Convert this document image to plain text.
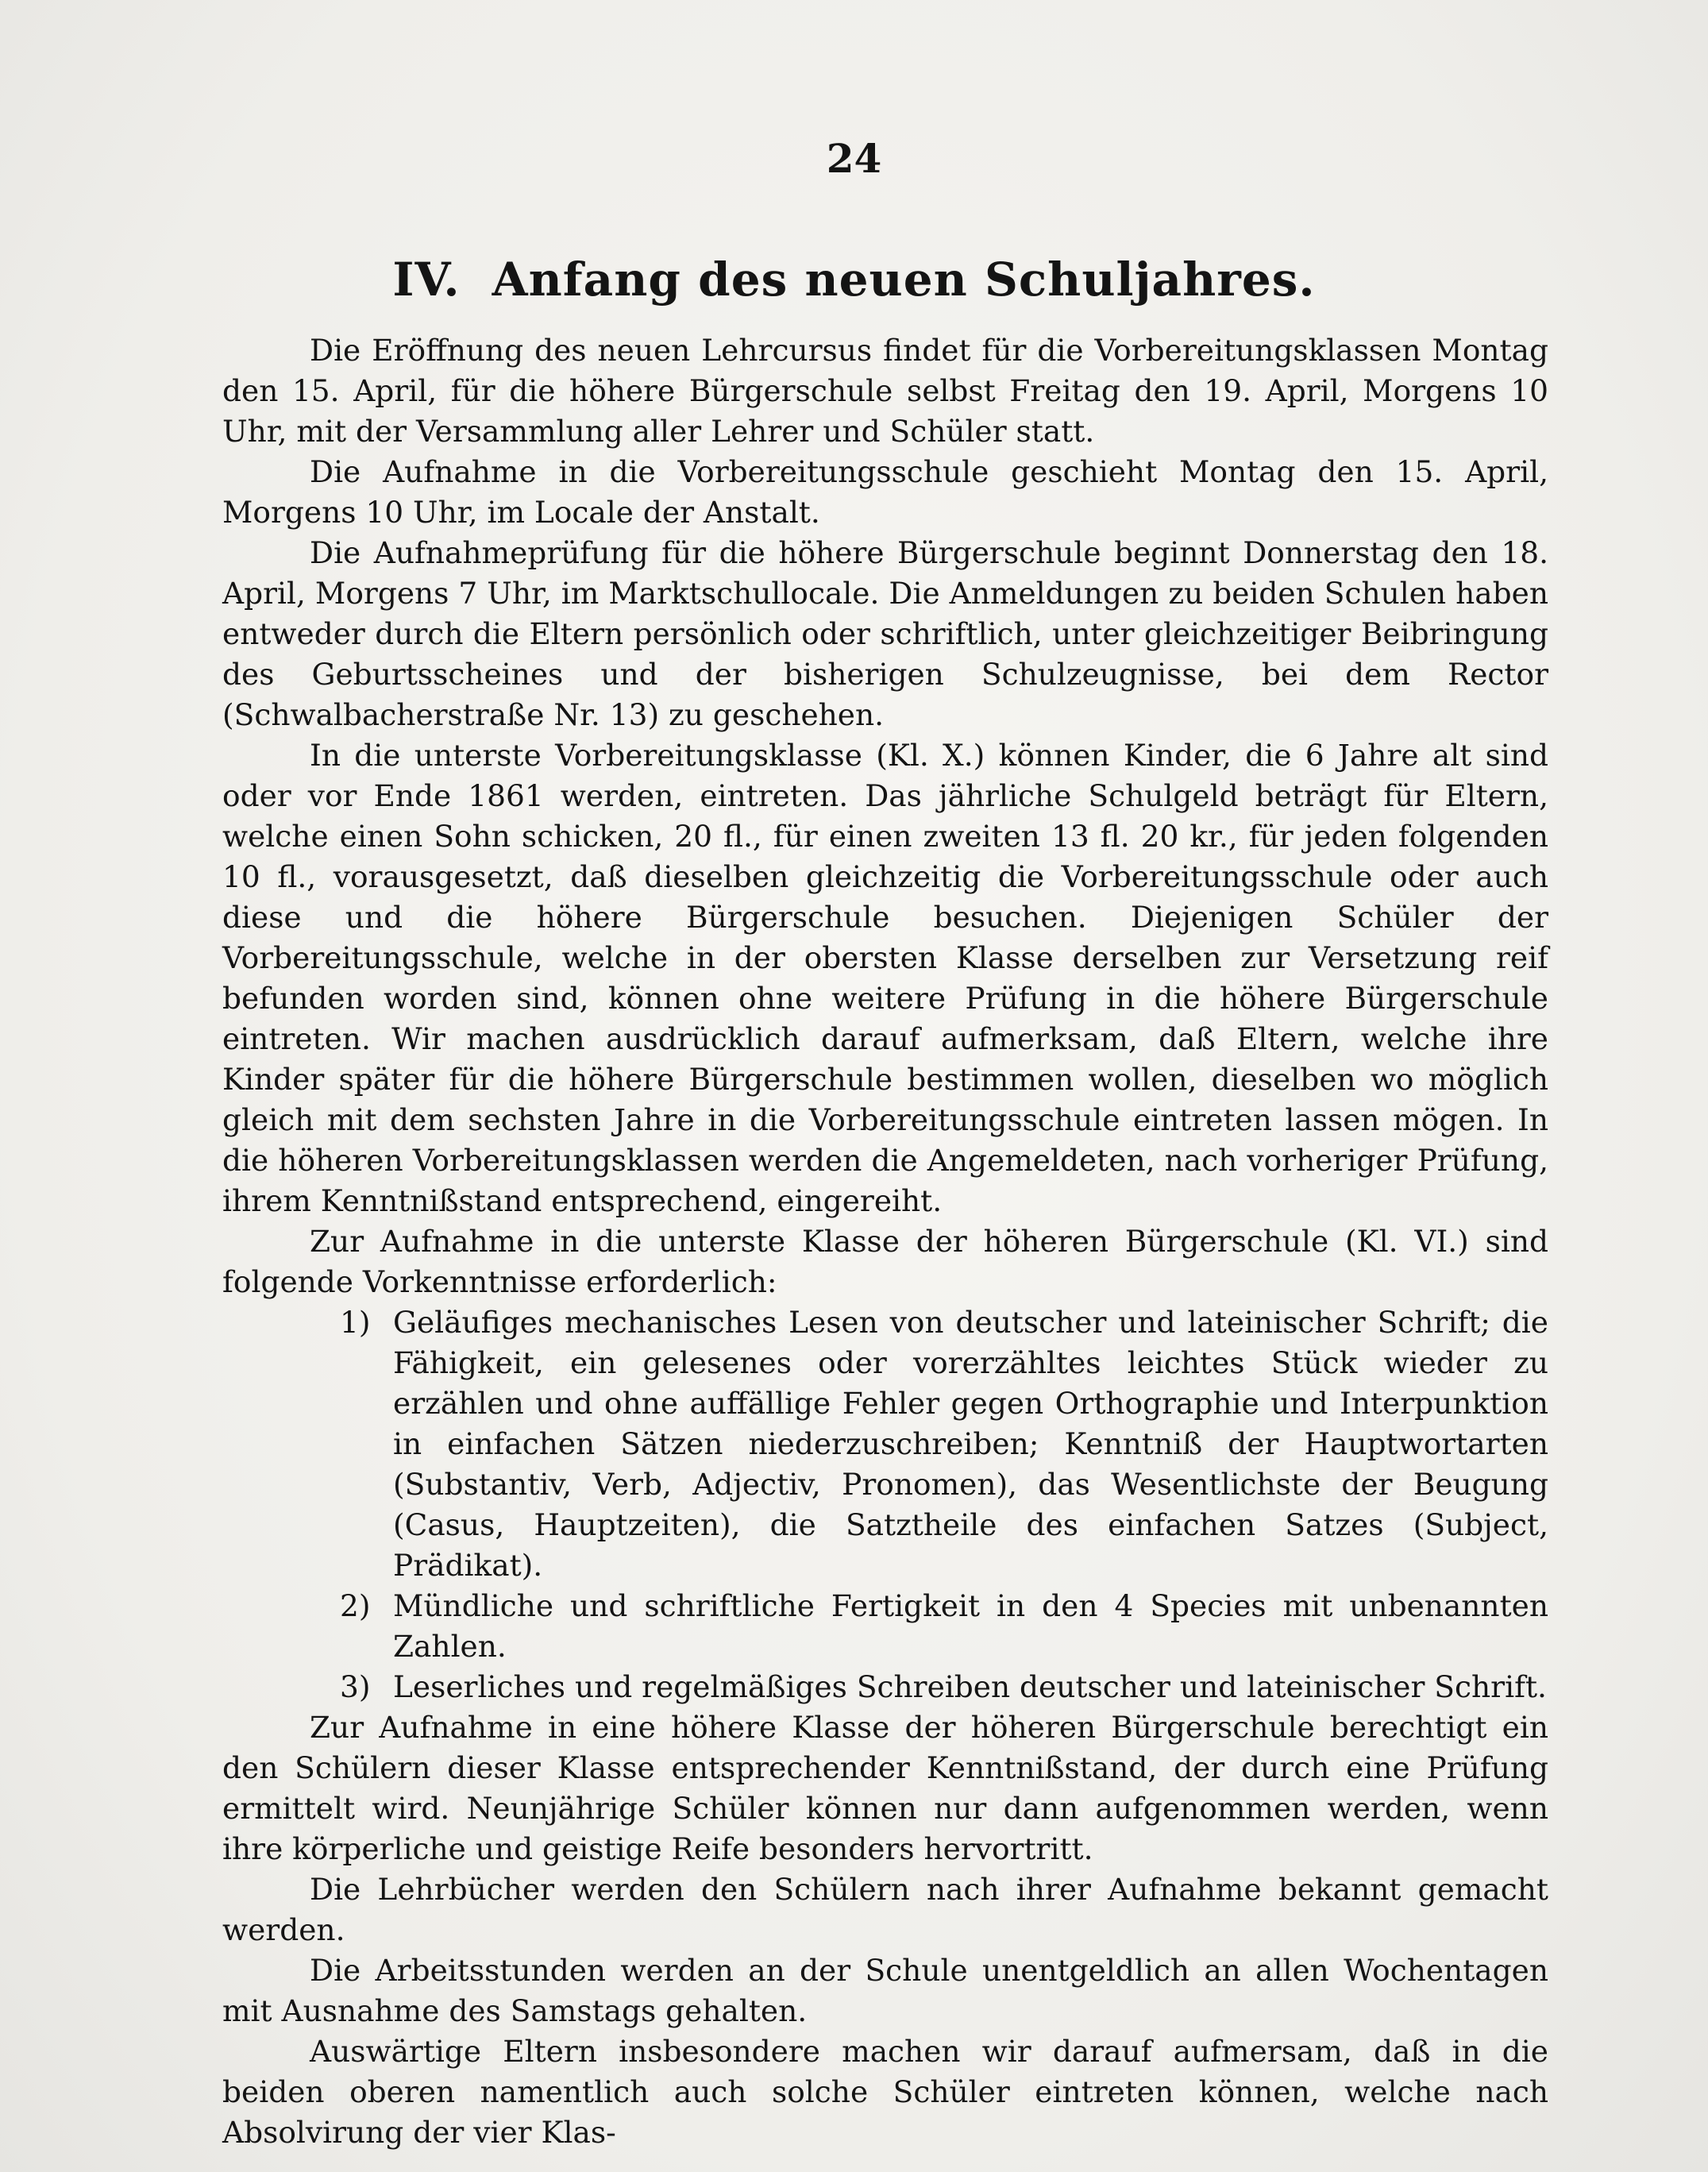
24
IV. Anfang des neuen Schuljahres.

Die Eröffnung des neuen Lehrcursus findet für die Vorbereitungsklassen Montag den 15. April, für die höhere Bürgerschule selbst Freitag den 19. April, Morgens 10 Uhr, mit der Versammlung aller Lehrer und Schüler statt.

Die Aufnahme in die Vorbereitungsschule geschieht Montag den 15. April, Morgens 10 Uhr, im Locale der Anstalt.

Die Aufnahmeprüfung für die höhere Bürgerschule beginnt Donnerstag den 18. April, Morgens 7 Uhr, im Marktschullocale. Die Anmeldungen zu beiden Schulen haben entweder durch die Eltern persönlich oder schriftlich, unter gleichzeitiger Beibringung des Geburtsscheines und der bisherigen Schulzeugnisse, bei dem Rector (Schwalbacherstraße Nr. 13) zu geschehen.

In die unterste Vorbereitungsklasse (Kl. X.) können Kinder, die 6 Jahre alt sind oder vor Ende 1861 werden, eintreten. Das jährliche Schulgeld beträgt für Eltern, welche einen Sohn schicken, 20 fl., für einen zweiten 13 fl. 20 kr., für jeden folgenden 10 fl., vorausgesetzt, daß dieselben gleichzeitig die Vorbereitungsschule oder auch diese und die höhere Bürgerschule besuchen. Diejenigen Schüler der Vorbereitungsschule, welche in der obersten Klasse derselben zur Versetzung reif befunden worden sind, können ohne weitere Prüfung in die höhere Bürgerschule eintreten. Wir machen ausdrücklich darauf aufmerksam, daß Eltern, welche ihre Kinder später für die höhere Bürgerschule bestimmen wollen, dieselben wo möglich gleich mit dem sechsten Jahre in die Vorbereitungsschule eintreten lassen mögen. In die höheren Vorbereitungsklassen werden die Angemeldeten, nach vorheriger Prüfung, ihrem Kenntnißstand entsprechend, eingereiht.

Zur Aufnahme in die unterste Klasse der höheren Bürgerschule (Kl. VI.) sind folgende Vorkenntnisse erforderlich:

1) Geläufiges mechanisches Lesen von deutscher und lateinischer Schrift; die Fähigkeit, ein gelesenes oder vorerzähltes leichtes Stück wieder zu erzählen und ohne auffällige Fehler gegen Orthographie und Interpunktion in einfachen Sätzen niederzuschreiben; Kenntniß der Hauptwortarten (Substantiv, Verb, Adjectiv, Pronomen), das Wesentlichste der Beugung (Casus, Hauptzeiten), die Satztheile des einfachen Satzes (Subject, Prädikat).
2) Mündliche und schriftliche Fertigkeit in den 4 Species mit unbenannten Zahlen.
3) Leserliches und regelmäßiges Schreiben deutscher und lateinischer Schrift.

Zur Aufnahme in eine höhere Klasse der höheren Bürgerschule berechtigt ein den Schülern dieser Klasse entsprechender Kenntnißstand, der durch eine Prüfung ermittelt wird. Neunjährige Schüler können nur dann aufgenommen werden, wenn ihre körperliche und geistige Reife besonders hervortritt.

Die Lehrbücher werden den Schülern nach ihrer Aufnahme bekannt gemacht werden.

Die Arbeitsstunden werden an der Schule unentgeldlich an allen Wochentagen mit Ausnahme des Samstags gehalten.

Auswärtige Eltern insbesondere machen wir darauf aufmersam, daß in die beiden oberen namentlich auch solche Schüler eintreten können, welche nach Absolvirung der vier Klas-
